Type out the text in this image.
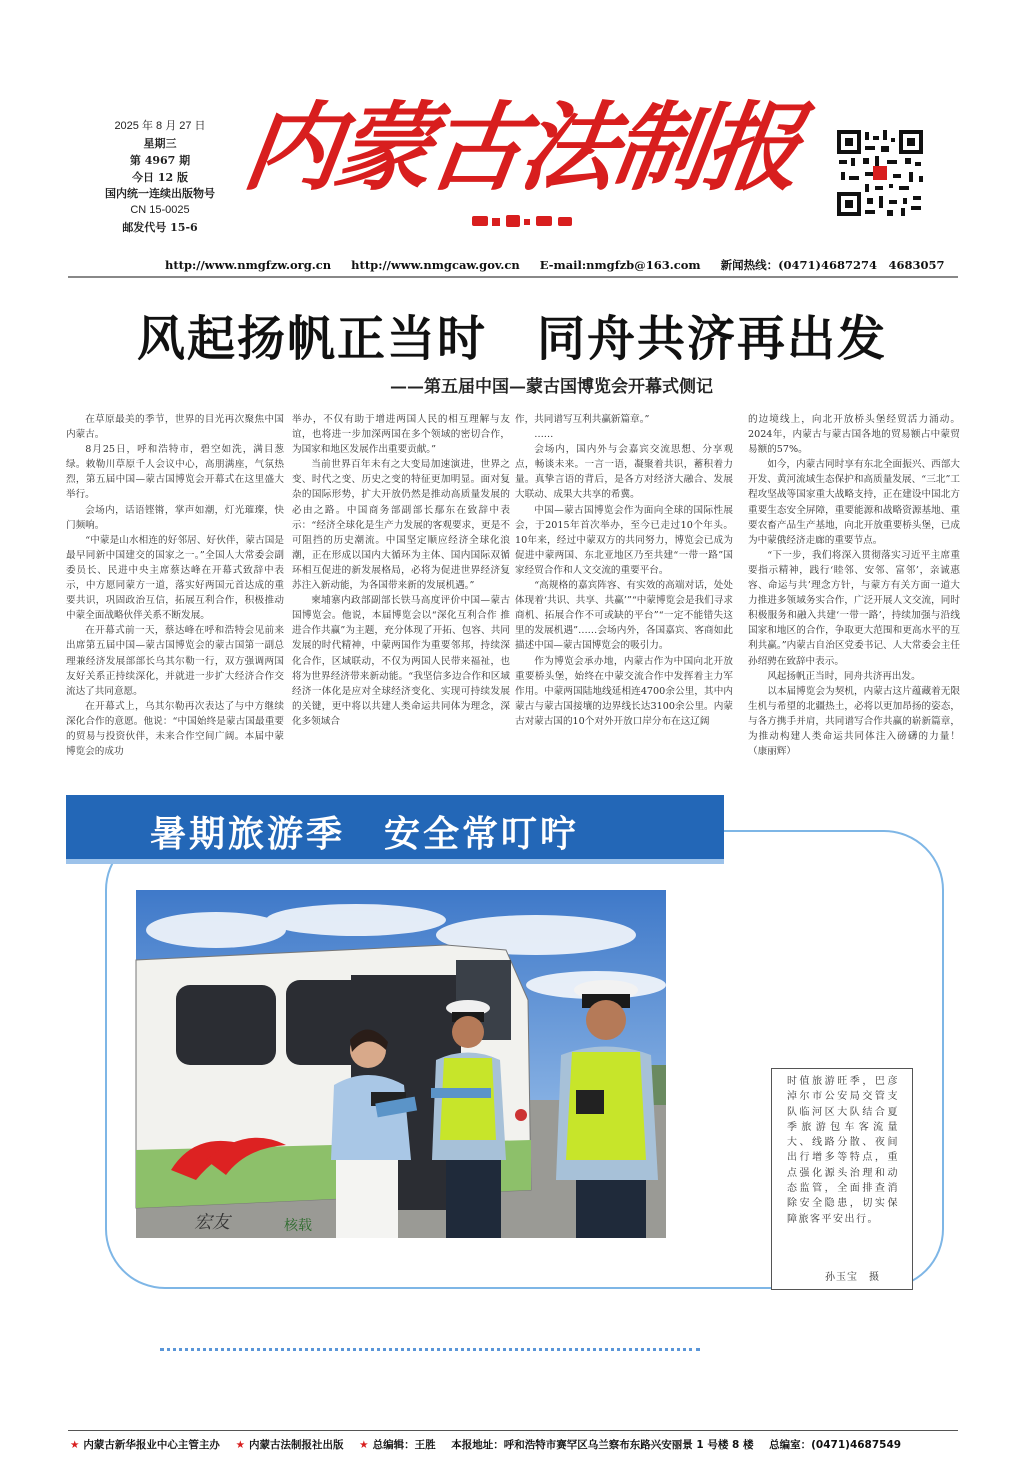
2025 年 8 月 27 日
星期三
第 4967 期
今日 12 版
国内统一连续出版物号
CN 15-0025
邮发代号 15-6
内蒙古法制报
http://www.nmgfzw.org.cn http://www.nmgcaw.gov.cn E-mail:nmgfzb@163.com 新闻热线：(0471)4687274　4683057
风起扬帆正当时　同舟共济再出发
——第五届中国—蒙古国博览会开幕式侧记

在草原最美的季节，世界的目光再次聚焦中国内蒙古。

8月25日，呼和浩特市，碧空如洗，满目葱绿。敕勒川草原千人会议中心，高朋满座，气氛热烈，第五届中国—蒙古国博览会开幕式在这里盛大举行。

会场内，话语铿锵，掌声如潮，灯光璀璨，快门频响。

“中蒙是山水相连的好邻居、好伙伴，蒙古国是最早同新中国建交的国家之一。”全国人大常委会副委员长、民进中央主席蔡达峰在开幕式致辞中表示，中方愿同蒙方一道，落实好两国元首达成的重要共识，巩固政治互信，拓展互利合作，积极推动中蒙全面战略伙伴关系不断发展。

在开幕式前一天，蔡达峰在呼和浩特会见前来出席第五届中国—蒙古国博览会的蒙古国第一副总理兼经济发展部部长乌其尔勒一行，双方强调两国友好关系正持续深化，并就进一步扩大经济合作交流达了共同意愿。

在开幕式上，乌其尔勒再次表达了与中方继续深化合作的意愿。他说：“中国始终是蒙古国最重要的贸易与投资伙伴，未来合作空间广阔。本届中蒙博览会的成功

举办，不仅有助于增进两国人民的相互理解与友谊，也将进一步加深两国在多个领域的密切合作，为国家和地区发展作出重要贡献。”

当前世界百年未有之大变局加速演进，世界之变、时代之变、历史之变的特征更加明显。面对复杂的国际形势，扩大开放仍然是推动高质量发展的必由之路。中国商务部副部长鄢东在致辞中表示：“经济全球化是生产力发展的客观要求，更是不可阻挡的历史潮流。中国坚定顺应经济全球化浪潮，正在形成以国内大循环为主体、国内国际双循环相互促进的新发展格局，必将为促进世界经济复苏注入新动能，为各国带来新的发展机遇。”

柬埔寨内政部副部长铁马高度评价中国—蒙古国博览会。他说，本届博览会以“深化互利合作 推进合作共赢”为主题，充分体现了开拓、包容、共同发展的时代精神，中蒙两国作为重要邻邦，持续深化合作，区域联动，不仅为两国人民带来福祉，也将为世界经济带来新动能。“我坚信多边合作和区域经济一体化是应对全球经济变化、实现可持续发展的关键，更中将以共建人类命运共同体为理念，深化多领域合

作，共同谱写互利共赢新篇章。”

……

会场内，国内外与会嘉宾交流思想、分享观点，畅谈未来。一言一语，凝聚着共识，蓄积着力量。真挚言语的背后，是各方对经济大融合、发展大联动、成果大共享的希冀。

中国—蒙古国博览会作为面向全球的国际性展会，于2015年首次举办，至今已走过10个年头。10年来，经过中蒙双方的共同努力，博览会已成为促进中蒙两国、东北亚地区乃至共建“一带一路”国家经贸合作和人文交流的重要平台。

“高规格的嘉宾阵容、有实效的高端对话，处处体现着‘共识、共享、共赢’”“中蒙博览会是我们寻求商机、拓展合作不可或缺的平台”“一定不能错失这里的发展机遇”……会场内外，各国嘉宾、客商如此描述中国—蒙古国博览会的吸引力。

作为博览会承办地，内蒙古作为中国向北开放重要桥头堡，始终在中蒙交流合作中发挥着主力军作用。中蒙两国陆地线延相连4700余公里，其中内蒙古与蒙古国接壤的边界线长达3100余公里。内蒙古对蒙古国的10个对外开放口岸分布在这辽阔

的边境线上，向北开放桥头堡经贸活力涌动。2024年，内蒙古与蒙古国各地的贸易额占中蒙贸易额的57%。

如今，内蒙古同时享有东北全面振兴、西部大开发、黄河流域生态保护和高质量发展、“三北”工程攻坚战等国家重大战略支持，正在建设中国北方重要生态安全屏障，重要能源和战略资源基地、重要农畜产品生产基地，向北开放重要桥头堡，已成为中蒙俄经济走廊的重要节点。

“下一步，我们将深入贯彻落实习近平主席重要指示精神，践行‘睦邻、安邻、富邻’，亲诚惠容、命运与共’理念方针，与蒙方有关方面一道大力推进多领域务实合作，广泛开展人文交流，同时积极服务和融入共建‘一带一路’，持续加强与沿线国家和地区的合作，争取更大范围和更高水平的互利共赢。”内蒙古自治区党委书记、人大常委会主任孙绍骋在致辞中表示。

风起扬帆正当时，同舟共济再出发。

以本届博览会为契机，内蒙古这片蕴藏着无限生机与希望的北疆热土，必将以更加昂扬的姿态，与各方携手并肩，共同谱写合作共赢的崭新篇章，为推动构建人类命运共同体注入磅礴的力量！　（康丽辉）

暑期旅游季　安全常叮咛
宏友	核载
时值旅游旺季，巴彦淖尔市公安局交管支队临河区大队结合夏季旅游包车客流量大、线路分散、夜间出行增多等特点，重点强化源头治理和动态监管，全面排查消除安全隐患，切实保障旅客平安出行。
孙玉宝　摄
★ 内蒙古新华报业中心主管主办 ★ 内蒙古法制报社出版 ★ 总编辑：王胜 本报地址：呼和浩特市赛罕区乌兰察布东路兴安丽景 1 号楼 8 楼 总编室：(0471)4687549
